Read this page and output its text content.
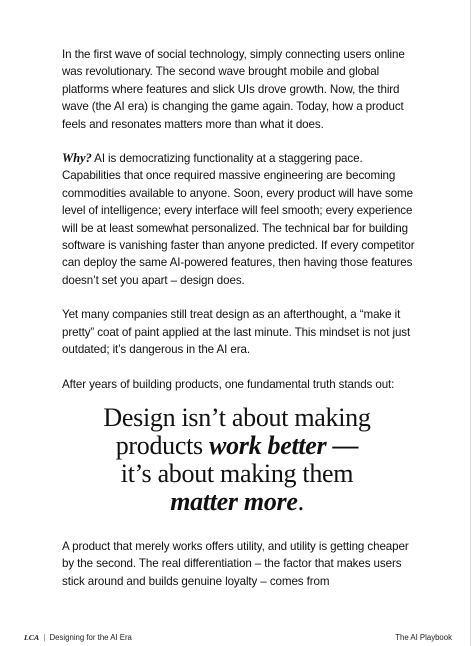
In the first wave of social technology, simply connecting users online was revolutionary. The second wave brought mobile and global platforms where features and slick UIs drove growth. Now, the third wave (the AI era) is changing the game again. Today, how a product feels and resonates matters more than what it does.

Why? AI is democratizing functionality at a staggering pace. Capabilities that once required massive engineering are becoming commodities available to anyone. Soon, every product will have some level of intelligence; every interface will feel smooth; every experience will be at least somewhat personalized. The technical bar for building software is vanishing faster than anyone predicted. If every competitor can deploy the same AI-powered features, then having those features doesn’t set you apart – design does.

Yet many companies still treat design as an afterthought, a “make it pretty” coat of paint applied at the last minute. This mindset is not just outdated; it’s dangerous in the AI era.

After years of building products, one fundamental truth stands out:

Design isn’t about making
products work better —
it’s about making them
matter more.

A product that merely works offers utility, and utility is getting cheaper by the second. The real differentiation – the factor that makes users stick around and builds genuine loyalty – comes from

LCA | Designing for the AI Era	The AI Playbook
